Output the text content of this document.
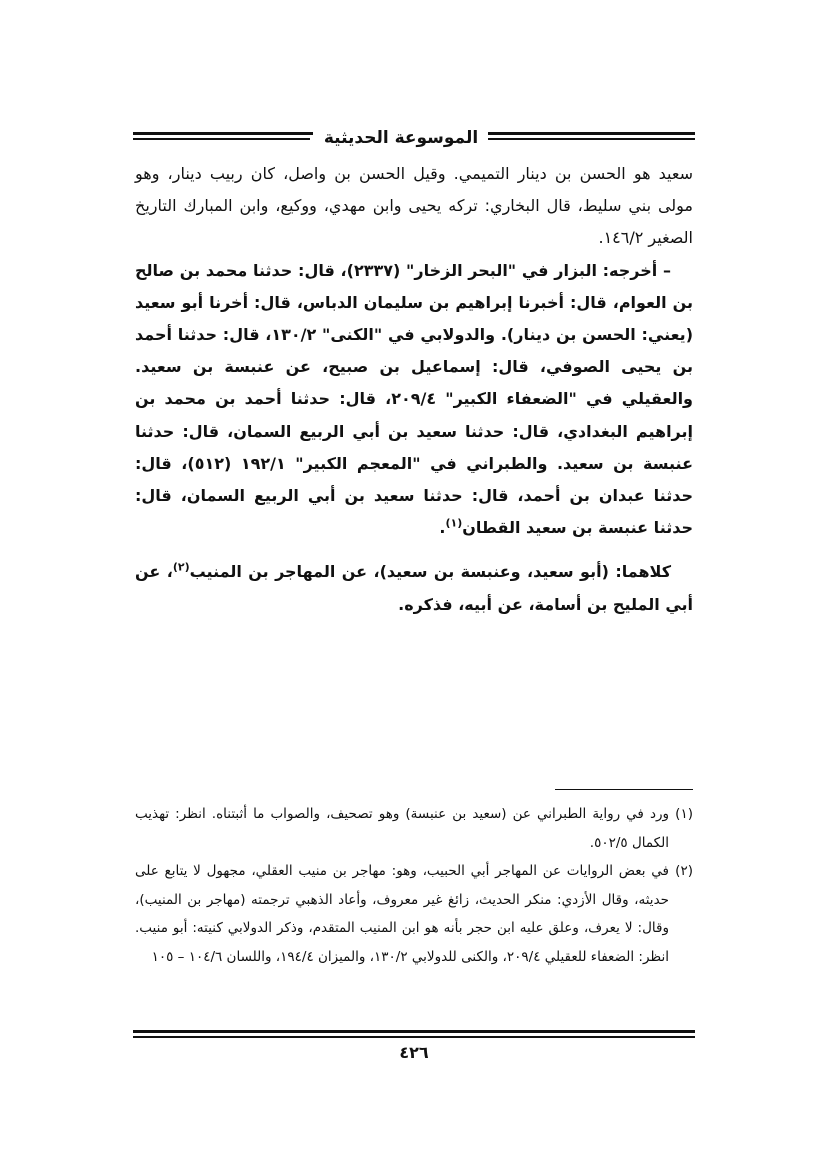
الموسوعة الحديثية

سعيد هو الحسن بن دينار التميمي. وقيل الحسن بن واصل، كان ربيب دينار، وهو مولى بني سليط، قال البخاري: تركه يحيى وابن مهدي، ووكيع، وابن المبارك التاريخ الصغير ١٤٦/٢.

– أخرجه: البزار في "البحر الزخار" (٢٣٣٧)، قال: حدثنا محمد بن صالح بن العوام، قال: أخبرنا إبراهيم بن سليمان الدباس، قال: أخرنا أبو سعيد (يعني: الحسن بن دينار). والدولابي في "الكنى" ١٣٠/٢، قال: حدثنا أحمد بن يحيى الصوفي، قال: إسماعيل بن صبيح، عن عنبسة بن سعيد. والعقيلي في "الضعفاء الكبير" ٢٠٩/٤، قال: حدثنا أحمد بن محمد بن إبراهيم البغدادي، قال: حدثنا سعيد بن أبي الربيع السمان، قال: حدثنا عنبسة بن سعيد. والطبراني في "المعجم الكبير" ١٩٢/١ (٥١٢)، قال: حدثنا عبدان بن أحمد، قال: حدثنا سعيد بن أبي الربيع السمان، قال: حدثنا عنبسة بن سعيد القطان$^{(١)}$.

كلاهما: (أبو سعيد، وعنبسة بن سعيد)، عن المهاجر بن المنيب$^{(٢)}$، عن أبي المليح بن أسامة، عن أبيه، فذكره.

(١)
ورد في رواية الطبراني عن (سعيد بن عنبسة) وهو تصحيف، والصواب ما أثبتناه. انظر: تهذيب الكمال ٥٠٢/٥.

(٢)
في بعض الروايات عن المهاجر أبي الحبيب، وهو: مهاجر بن منيب العقلي، مجهول لا يتابع على حديثه، وقال الأزدي: منكر الحديث، زائغ غير معروف، وأعاد الذهبي ترجمته (مهاجر بن المنيب)، وقال: لا يعرف، وعلق عليه ابن حجر بأنه هو ابن المنيب المتقدم، وذكر الدولابي كنيته: أبو منيب. انظر: الضعفاء للعقيلي ٢٠٩/٤، والكنى للدولابي ١٣٠/٢، والميزان ١٩٤/٤، واللسان ١٠٤/٦ – ١٠٥

٤٢٦
